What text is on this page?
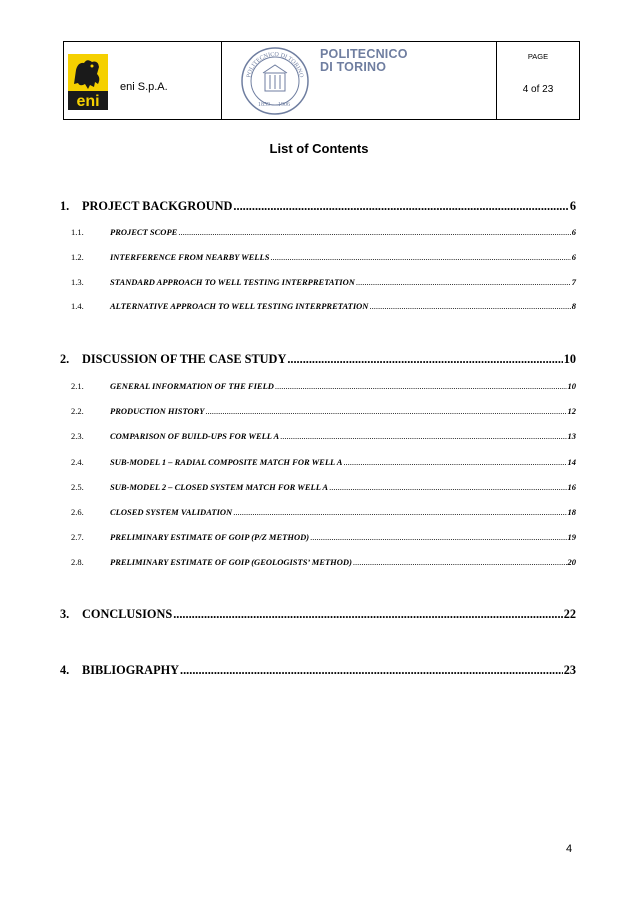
eni
eni S.p.A.
POLITECNICO DI TORINO
1859 1906
POLITECNICO
DI TORINO
PAGE
4 of 23
List of Contents
1.	PROJECT BACKGROUND .....	6
1.1.	PROJECT SCOPE .....	6
1.2.	INTERFERENCE FROM NEARBY WELLS .....	6
1.3.	STANDARD APPROACH TO WELL TESTING INTERPRETATION .....	7
1.4.	ALTERNATIVE APPROACH TO WELL TESTING INTERPRETATION .....	8
2.	DISCUSSION OF THE CASE STUDY .....	10
2.1.	GENERAL INFORMATION OF THE FIELD .....	10
2.2.	PRODUCTION HISTORY .....	12
2.3.	COMPARISON OF BUILD-UPS FOR WELL A .....	13
2.4.	SUB-MODEL 1 – RADIAL COMPOSITE MATCH FOR WELL A .....	14
2.5.	SUB-MODEL 2 – CLOSED SYSTEM MATCH FOR WELL A .....	16
2.6.	CLOSED SYSTEM VALIDATION .....	18
2.7.	PRELIMINARY ESTIMATE OF GOIP (P/Z METHOD) .....	19
2.8.	PRELIMINARY ESTIMATE OF GOIP (GEOLOGISTS’ METHOD) .....	20
3.	CONCLUSIONS .....	22
4.	BIBLIOGRAPHY .....	23
4
